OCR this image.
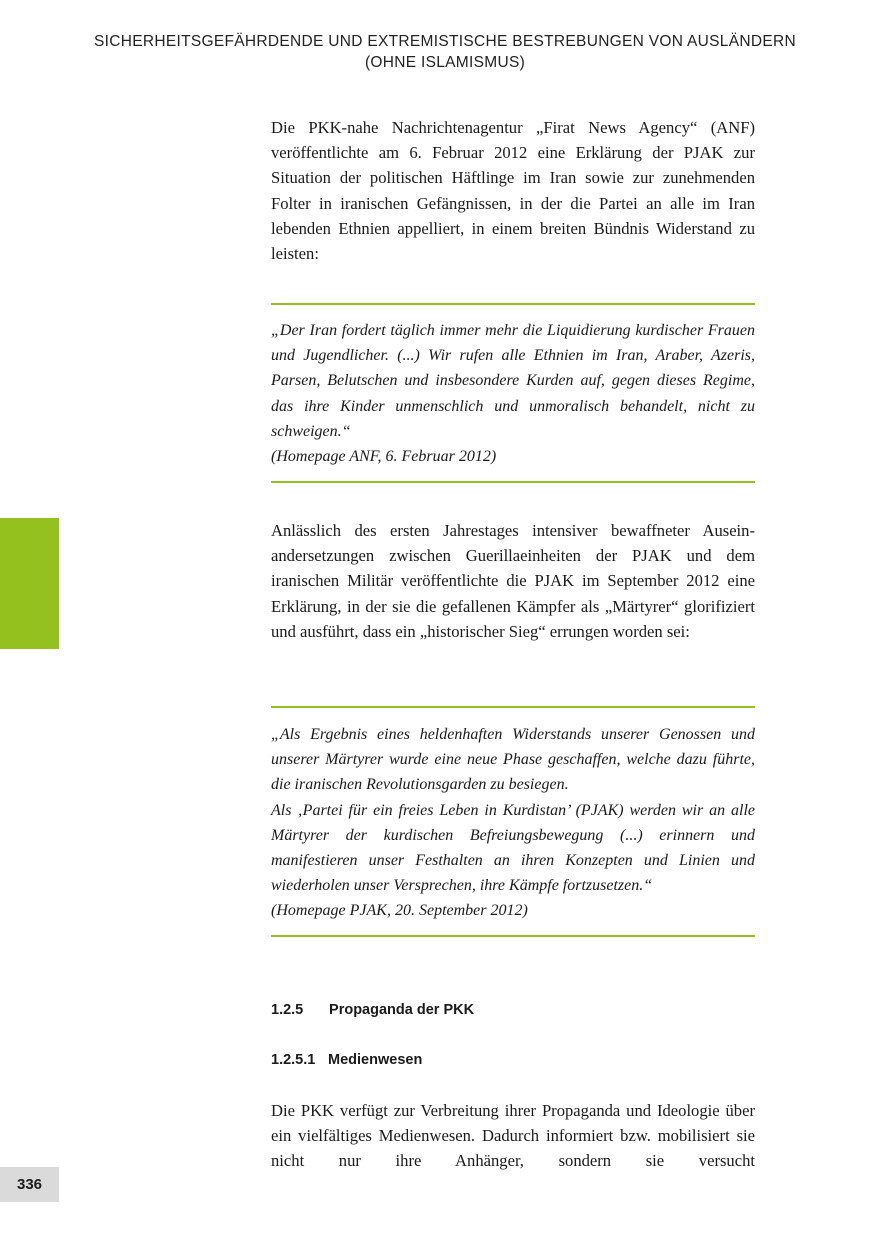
SICHERHEITSGEFÄHRDENDE UND EXTREMISTISCHE BESTREBUNGEN VON AUSLÄNDERN
(OHNE ISLAMISMUS)
336

Die PKK-nahe Nachrichtenagentur „Firat News Agency“ (ANF) veröffentlichte am 6. Februar 2012 eine Erklärung der PJAK zur Situation der politischen Häftlinge im Iran sowie zur zunehmenden Folter in iranischen Gefängnissen, in der die Partei an alle im Iran lebenden Ethnien appelliert, in einem breiten Bündnis Widerstand zu leisten:

„Der Iran fordert täglich immer mehr die Liquidierung kurdischer Frauen und Jugendlicher. (...) Wir rufen alle Ethnien im Iran, Araber, Azeris, Parsen, Belutschen und insbesondere Kurden auf, gegen dieses Regime, das ihre Kinder unmenschlich und unmoralisch behandelt, nicht zu schweigen.“

(Homepage ANF, 6. Februar 2012)

Anlässlich des ersten Jahrestages intensiver bewaffneter Auseinandersetzungen zwischen Guerillaeinheiten der PJAK und dem iranischen Militär veröffentlichte die PJAK im September 2012 eine Erklärung, in der sie die gefallenen Kämpfer als „Märtyrer“ glorifiziert und ausführt, dass ein „historischer Sieg“ errungen worden sei:

„Als Ergebnis eines heldenhaften Widerstands unserer Genossen und unserer Märtyrer wurde eine neue Phase geschaffen, welche dazu führte, die iranischen Revolutionsgarden zu besiegen.

Als ‚Partei für ein freies Leben in Kurdistan’ (PJAK) werden wir an alle Märtyrer der kurdischen Befreiungsbewegung (...) erinnern und manifestieren unser Festhalten an ihren Konzepten und Linien und wiederholen unser Versprechen, ihre Kämpfe fortzusetzen.“

(Homepage PJAK, 20. September 2012)

1.2.5 Propaganda der PKK
1.2.5.1 Medienwesen

Die PKK verfügt zur Verbreitung ihrer Propaganda und Ideologie über ein vielfältiges Medienwesen. Dadurch informiert bzw. mobilisiert sie nicht nur ihre Anhänger, sondern sie versucht
